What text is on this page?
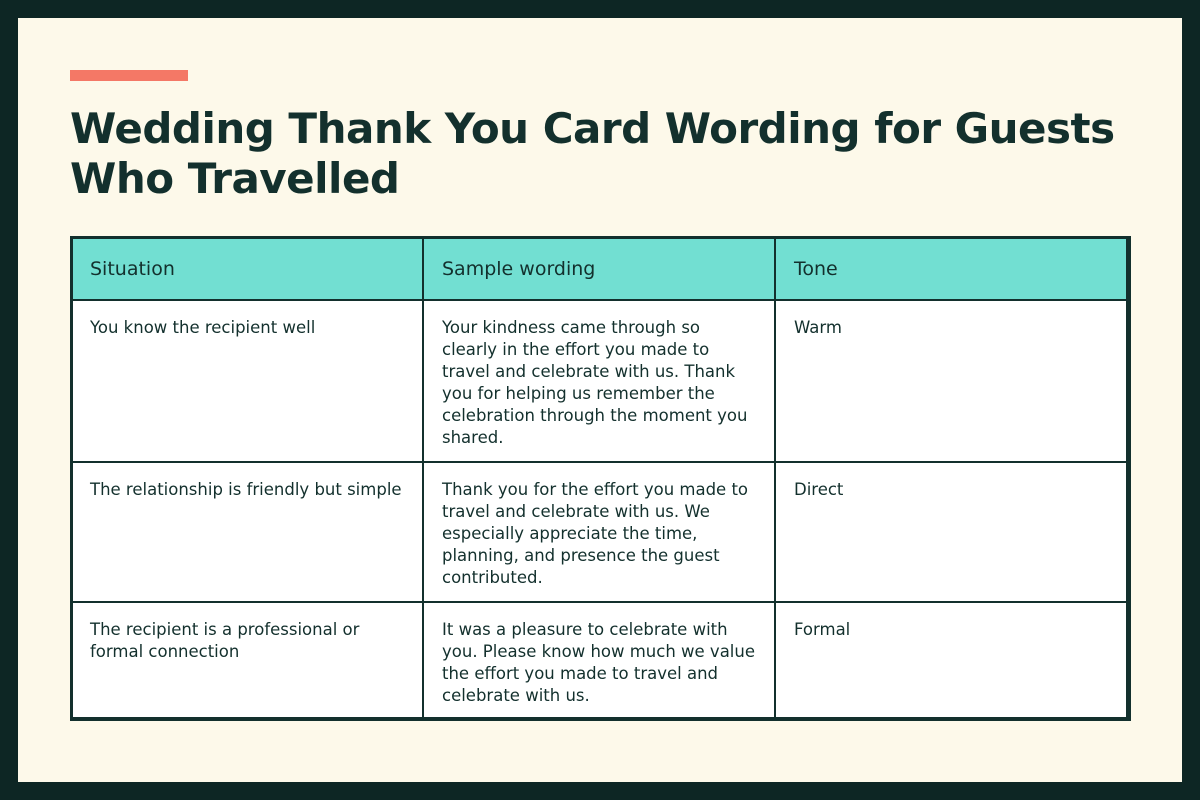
Wedding Thank You Card Wording for Guests Who Travelled
Situation	Sample wording	Tone
You know the recipient well	Your kindness came through so clearly in the effort you made to travel and celebrate with us. Thank you for helping us remember the celebration through the moment you shared.	Warm
The relationship is friendly but simple	Thank you for the effort you made to travel and celebrate with us. We especially appreciate the time, planning, and presence the guest contributed.	Direct
The recipient is a professional or formal connection	It was a pleasure to celebrate with you. Please know how much we value the effort you made to travel and celebrate with us.	Formal
